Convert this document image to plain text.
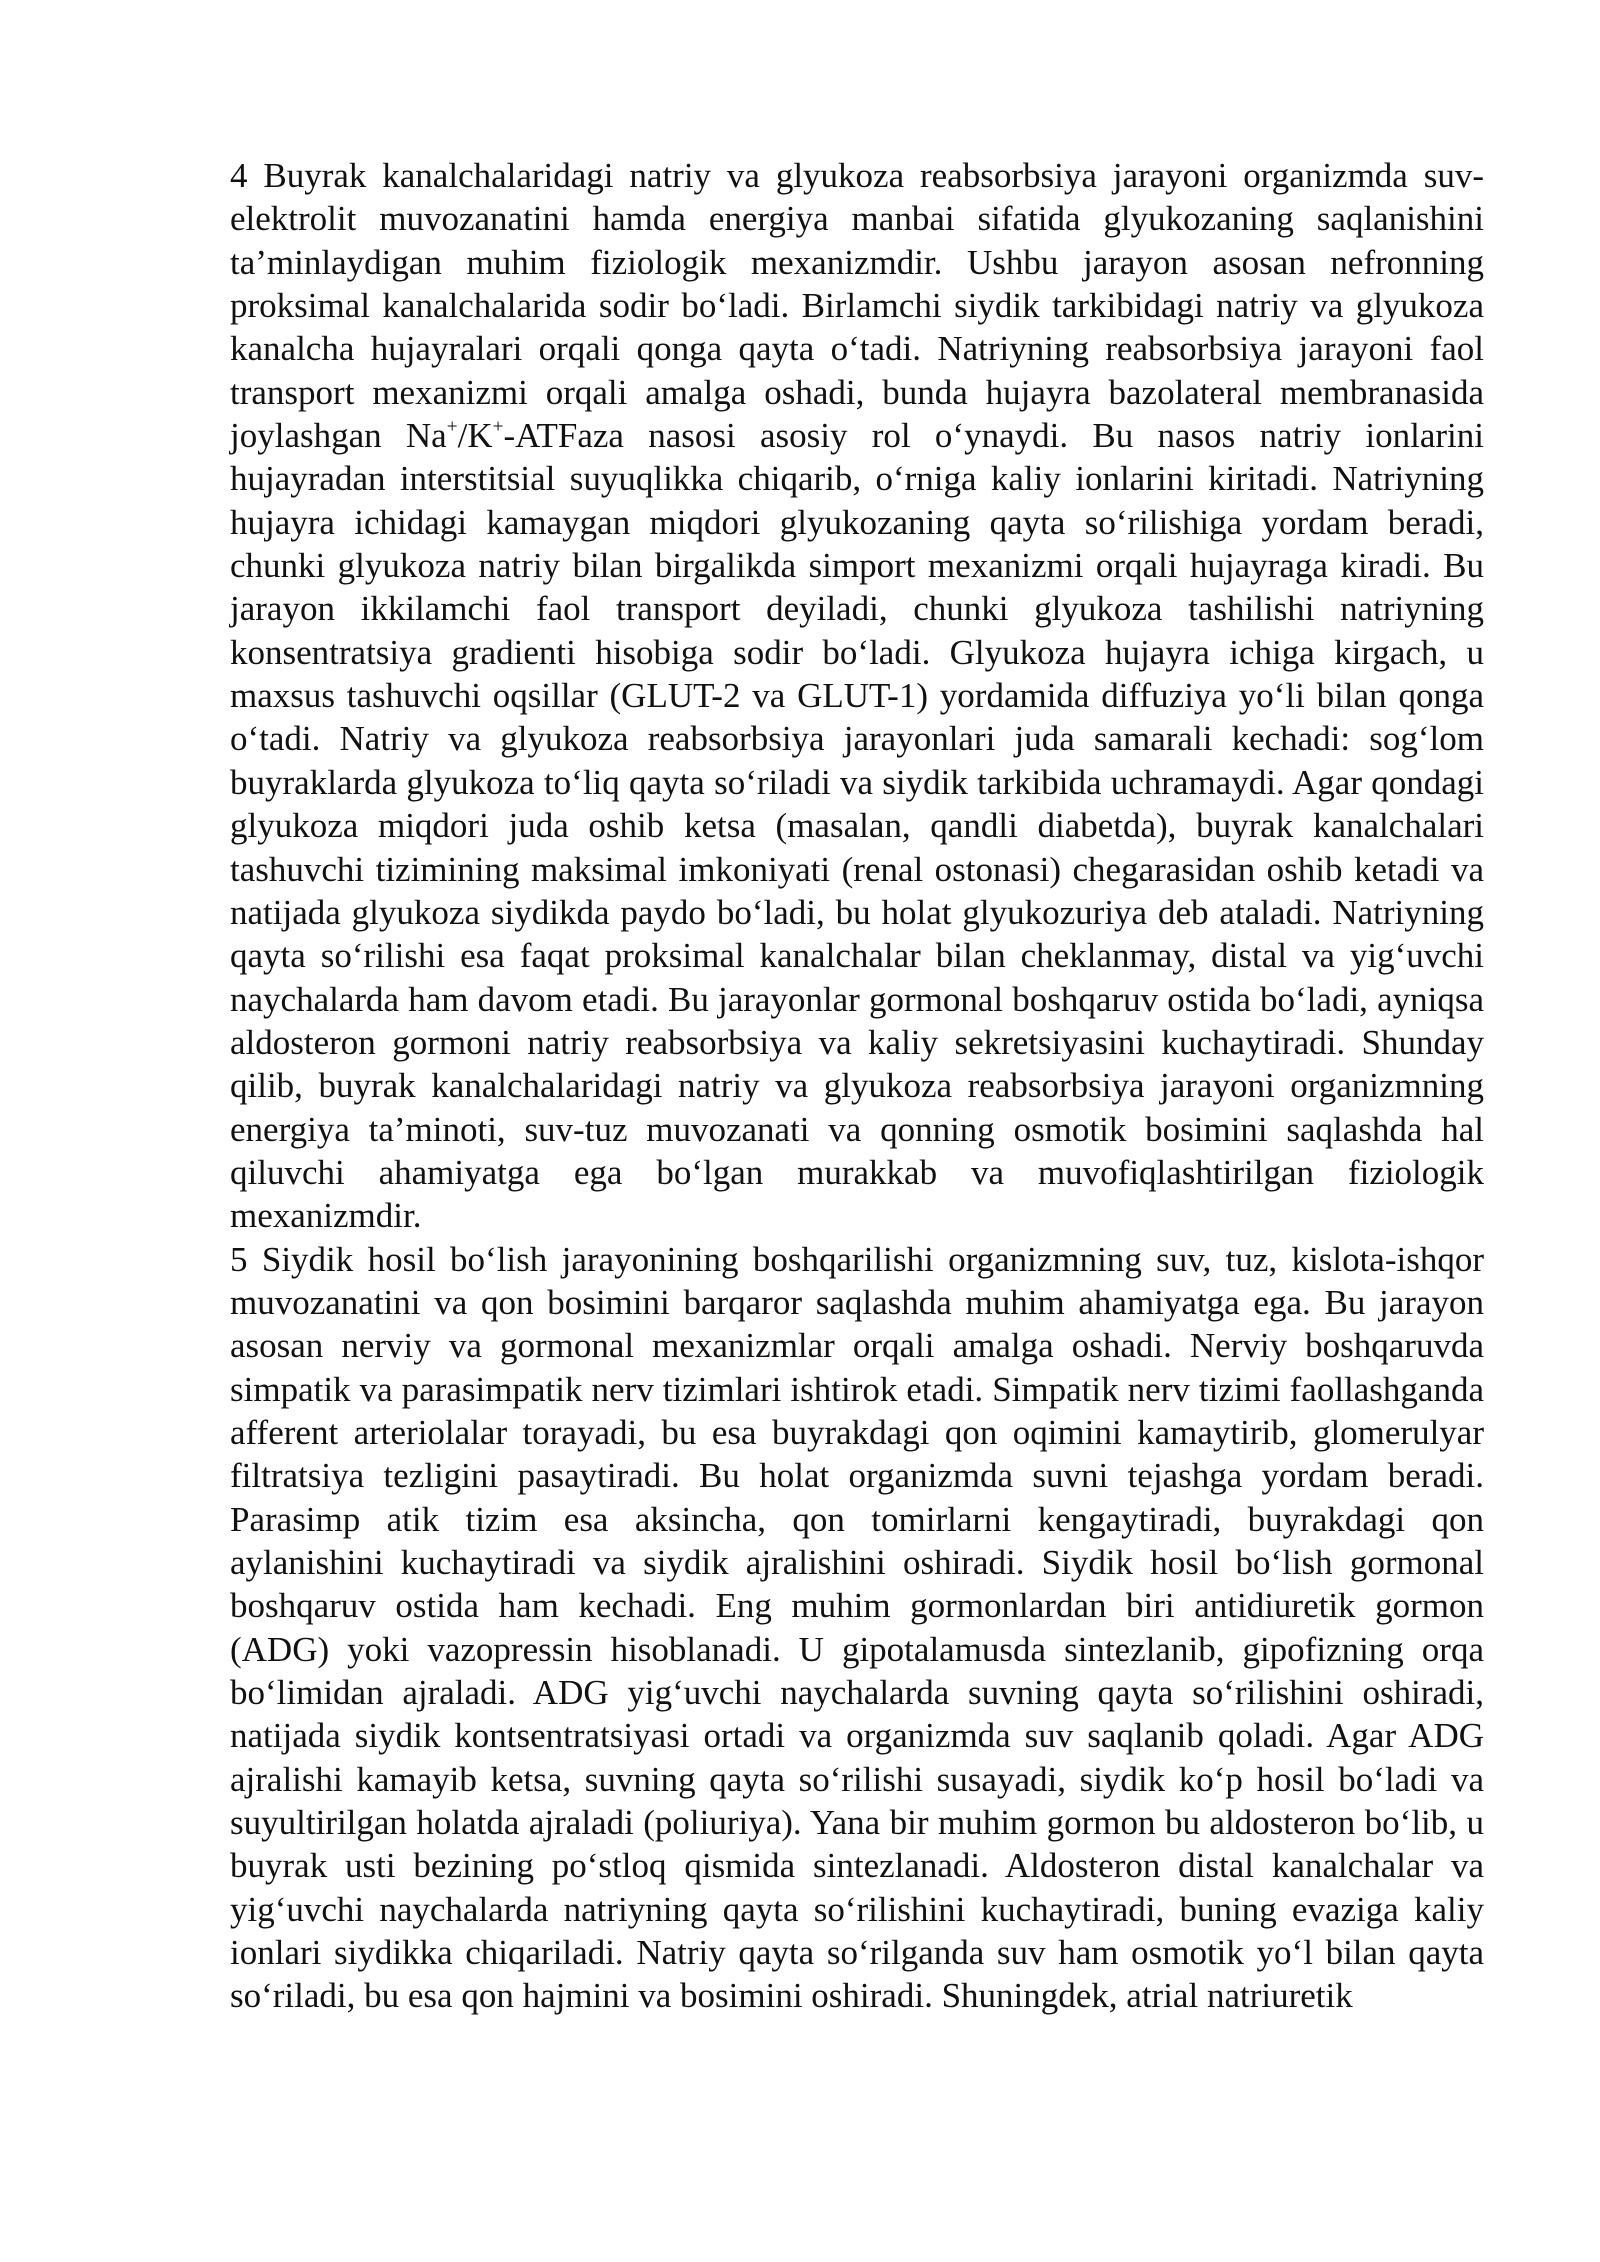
4 Buyrak kanalchalaridagi natriy va glyukoza reabsorbsiya jarayoni organizmda suv-elektrolit muvozanatini hamda energiya manbai sifatida glyukozaning saqlanishini ta’minlaydigan muhim fiziologik mexanizmdir. Ushbu jarayon asosan nefronning proksimal kanalchalarida sodir bo‘ladi. Birlamchi siydik tarkibidagi natriy va glyukoza kanalcha hujayralari orqali qonga qayta o‘tadi. Natriyning reabsorbsiya jarayoni faol transport mexanizmi orqali amalga oshadi, bunda hujayra bazolateral membranasida joylashgan Na+/K+-ATFaza nasosi asosiy rol o‘ynaydi. Bu nasos natriy ionlarini hujayradan interstitsial suyuqlikka chiqarib, o‘rniga kaliy ionlarini kiritadi. Natriyning hujayra ichidagi kamaygan miqdori glyukozaning qayta so‘rilishiga yordam beradi, chunki glyukoza natriy bilan birgalikda simport mexanizmi orqali hujayraga kiradi. Bu jarayon ikkilamchi faol transport deyiladi, chunki glyukoza tashilishi natriyning konsentratsiya gradienti hisobiga sodir bo‘ladi. Glyukoza hujayra ichiga kirgach, u maxsus tashuvchi oqsillar (GLUT-2 va GLUT-1) yordamida diffuziya yo‘li bilan qonga o‘tadi. Natriy va glyukoza reabsorbsiya jarayonlari juda samarali kechadi: sog‘lom buyraklarda glyukoza to‘liq qayta so‘riladi va siydik tarkibida uchramaydi. Agar qondagi glyukoza miqdori juda oshib ketsa (masalan, qandli diabetda), buyrak kanalchalari tashuvchi tizimining maksimal imkoniyati (renal ostonasi) chegarasidan oshib ketadi va natijada glyukoza siydikda paydo bo‘ladi, bu holat glyukozuriya deb ataladi. Natriyning qayta so‘rilishi esa faqat proksimal kanalchalar bilan cheklanmay, distal va yig‘uvchi naychalarda ham davom etadi. Bu jarayonlar gormonal boshqaruv ostida bo‘ladi, ayniqsa aldosteron gormoni natriy reabsorbsiya va kaliy sekretsiyasini kuchaytiradi. Shunday qilib, buyrak kanalchalaridagi natriy va glyukoza reabsorbsiya jarayoni organizmning energiya ta’minoti, suv-tuz muvozanati va qonning osmotik bosimini saqlashda hal qiluvchi ahamiyatga ega bo‘lgan murakkab va muvofiqlashtirilgan fiziologik mexanizmdir.

5 Siydik hosil bo‘lish jarayonining boshqarilishi organizmning suv, tuz, kislota-ishqor muvozanatini va qon bosimini barqaror saqlashda muhim ahamiyatga ega. Bu jarayon asosan nerviy va gormonal mexanizmlar orqali amalga oshadi. Nerviy boshqaruvda simpatik va parasimpatik nerv tizimlari ishtirok etadi. Simpatik nerv tizimi faollashganda afferent arteriolalar torayadi, bu esa buyrakdagi qon oqimini kamaytirib, glomerulyar filtratsiya tezligini pasaytiradi. Bu holat organizmda suvni tejashga yordam beradi. Parasimp atik tizim esa aksincha, qon tomirlarni kengaytiradi, buyrakdagi qon aylanishini kuchaytiradi va siydik ajralishini oshiradi. Siydik hosil bo‘lish gormonal boshqaruv ostida ham kechadi. Eng muhim gormonlardan biri antidiuretik gormon (ADG) yoki vazopressin hisoblanadi. U gipotalamusda sintezlanib, gipofizning orqa bo‘limidan ajraladi. ADG yig‘uvchi naychalarda suvning qayta so‘rilishini oshiradi, natijada siydik kontsentratsiyasi ortadi va organizmda suv saqlanib qoladi. Agar ADG ajralishi kamayib ketsa, suvning qayta so‘rilishi susayadi, siydik ko‘p hosil bo‘ladi va suyultirilgan holatda ajraladi (poliuriya). Yana bir muhim gormon bu aldosteron bo‘lib, u buyrak usti bezining po‘stloq qismida sintezlanadi. Aldosteron distal kanalchalar va yig‘uvchi naychalarda natriyning qayta so‘rilishini kuchaytiradi, buning evaziga kaliy ionlari siydikka chiqariladi. Natriy qayta so‘rilganda suv ham osmotik yo‘l bilan qayta so‘riladi, bu esa qon hajmini va bosimini oshiradi. Shuningdek, atrial natriuretik
